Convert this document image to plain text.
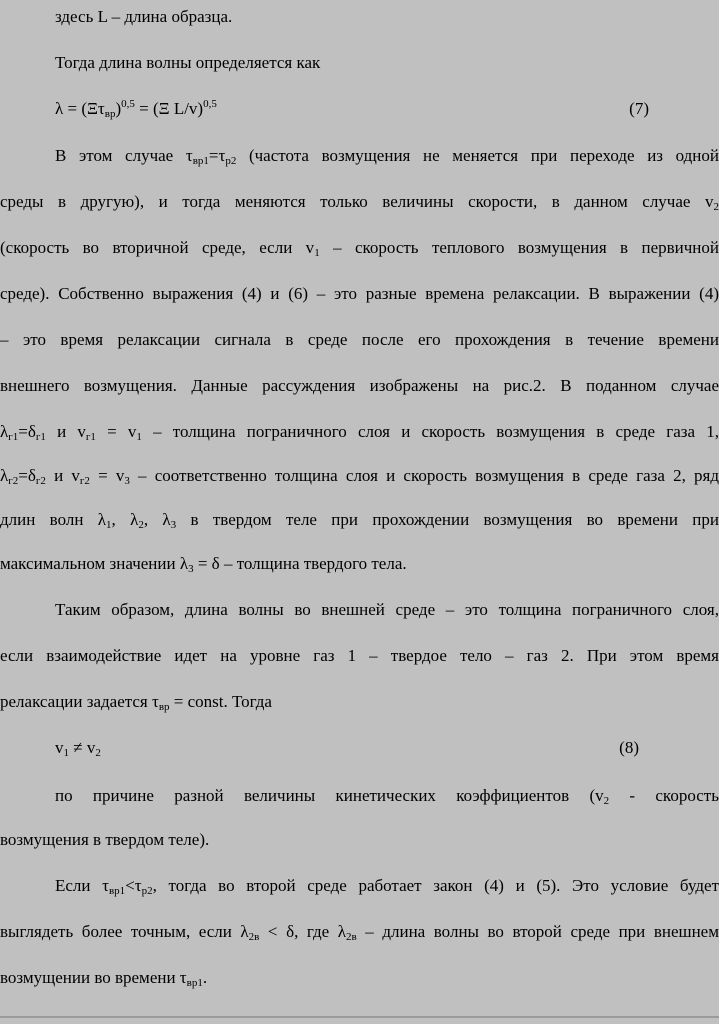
здесь L – длина образца.
Тогда длина волны определяется как
$\lambda = (\Xi\tau_{вр})^{0,5} = (\Xi$ L/v)$^{0,5}$	(7)
В этом случае $\tau_{вр1}=\tau_{р2}$ (частота возмущения не меняется при переходе из одной
среды в другую), и тогда меняются только величины скорости, в данном случае $v_2$
(скорость во вторичной среде, если $v_1$ – скорость теплового возмущения в первичной
среде). Собственно выражения (4) и (6) – это разные времена релаксации. В выражении (4)
– это время релаксации сигнала в среде после его прохождения в течение времени
внешнего возмущения. Данные рассуждения изображены на рис.2. В поданном случае
$\lambda_{г1}=\delta_{г1}$ и $v_{г1} = v_1$ – толщина пограничного слоя и скорость возмущения в среде газа 1,
$\lambda_{г2}=\delta_{г2}$ и $v_{г2} = v_3$ – соответственно толщина слоя и скорость возмущения в среде газа 2, ряд
длин волн $\lambda_1$, $\lambda_2$, $\lambda_3$ в твердом теле при прохождении возмущения во времени при
максимальном значении $\lambda_3 = \delta$ – толщина твердого тела.
Таким образом, длина волны во внешней среде – это толщина пограничного слоя,
если взаимодействие идет на уровне газ 1 – твердое тело – газ 2. При этом время
релаксации задается $\tau_{вр}$ = const. Тогда
$v_1 \ne v_2$	(8)
по причине разной величины кинетических коэффициентов ($v_2$ - скорость
возмущения в твердом теле).
Если $\tau_{вр1}<\tau_{р2}$, тогда во второй среде работает закон (4) и (5). Это условие будет
выглядеть более точным, если $\lambda_{2в} < \delta$, где $\lambda_{2в}$ – длина волны во второй среде при внешнем
возмущении во времени $\tau_{вр1}$.
